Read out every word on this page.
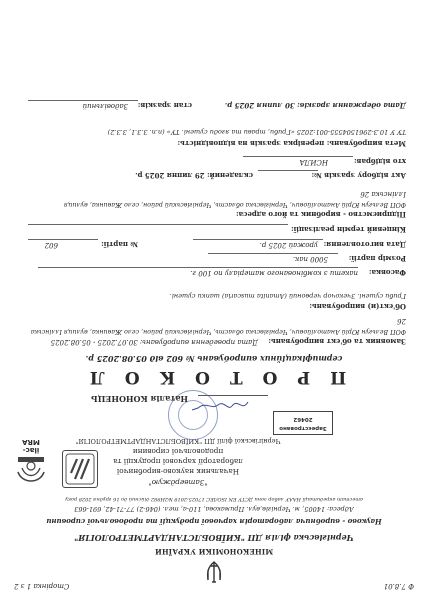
Ф 7.8.01
Сторінка 1 з 2
МІНЕКОНОМІКИ УКРАЇНИ
Чернігівська філія ДП "КИЇВОБЛСТАНДАРТМЕТРОЛОГІЯ"
Науково - виробнича лабораторія харчової продукції та продовольчої сировини
Адреса: 14005, м. Чернігів,вул. Примакова, 110-а, тел. (046-2) 77-71-42, 691-663
атестат акредитації НААУ лабор зони ДСТУ EN ISO/IEC 17025:2019 №2Н982 дійсний до 16 грудня 2028 року
ilac-MRA
"Затверджую"
Начальник науково-виробничої
лабораторії харчової продукції та
продовольчої сировини
Чернігівської філії ДП "КИЇВОБЛСТАНДАРТМЕТРОЛОГІЯ"
Зареєстровано
20462
Наталія КОНОНЕЦЬ
ПРОТОКОЛ
сертифікаційних випробувань № 602 від 05.08.2025 р.
Замовник та об'єкт випробувань:
Дата проведення випробувань: 30.07.2025 - 05.08.2025
ФОП Вельгун Юрій Анатолійович, Чернігівська область, Чернігівський район, село Жавинка, вулиця Іллінська
26
Об'єкт(и) випробувань:
Гриби сушені. Зчекочор червоний (Amanita muscaria) шапки сушені.
Фасовка:
пакети з комбінованого матеріалу по 100 г.
Розмір партії:
5000 пак.
Дата виготовлення:
урожай 2025 р.
№ партії:
602
Кінцевий термін реалізації:
Підприємство - виробник та його адреса:
ФОП Вельгун Юрій Анатолійович, Чернігівська область, Чернігівський район, село Жавинка, вулиця
Іллінська 26
Акт відбору зразків №:
складений: 29 липня 2025 р.
хто відібрав:
НСИЛА
Мета випробувань: перевірка зразків на відповідність:
ТУ У 10.3-2961504555-001:2025 «Гриби, трави та ягоди сушені. ТУ» (п.п. 3.3.1, 3.3.2)
Дата одержання зразків: 30 липня 2025 р.
стан зразків:
Задовільний
